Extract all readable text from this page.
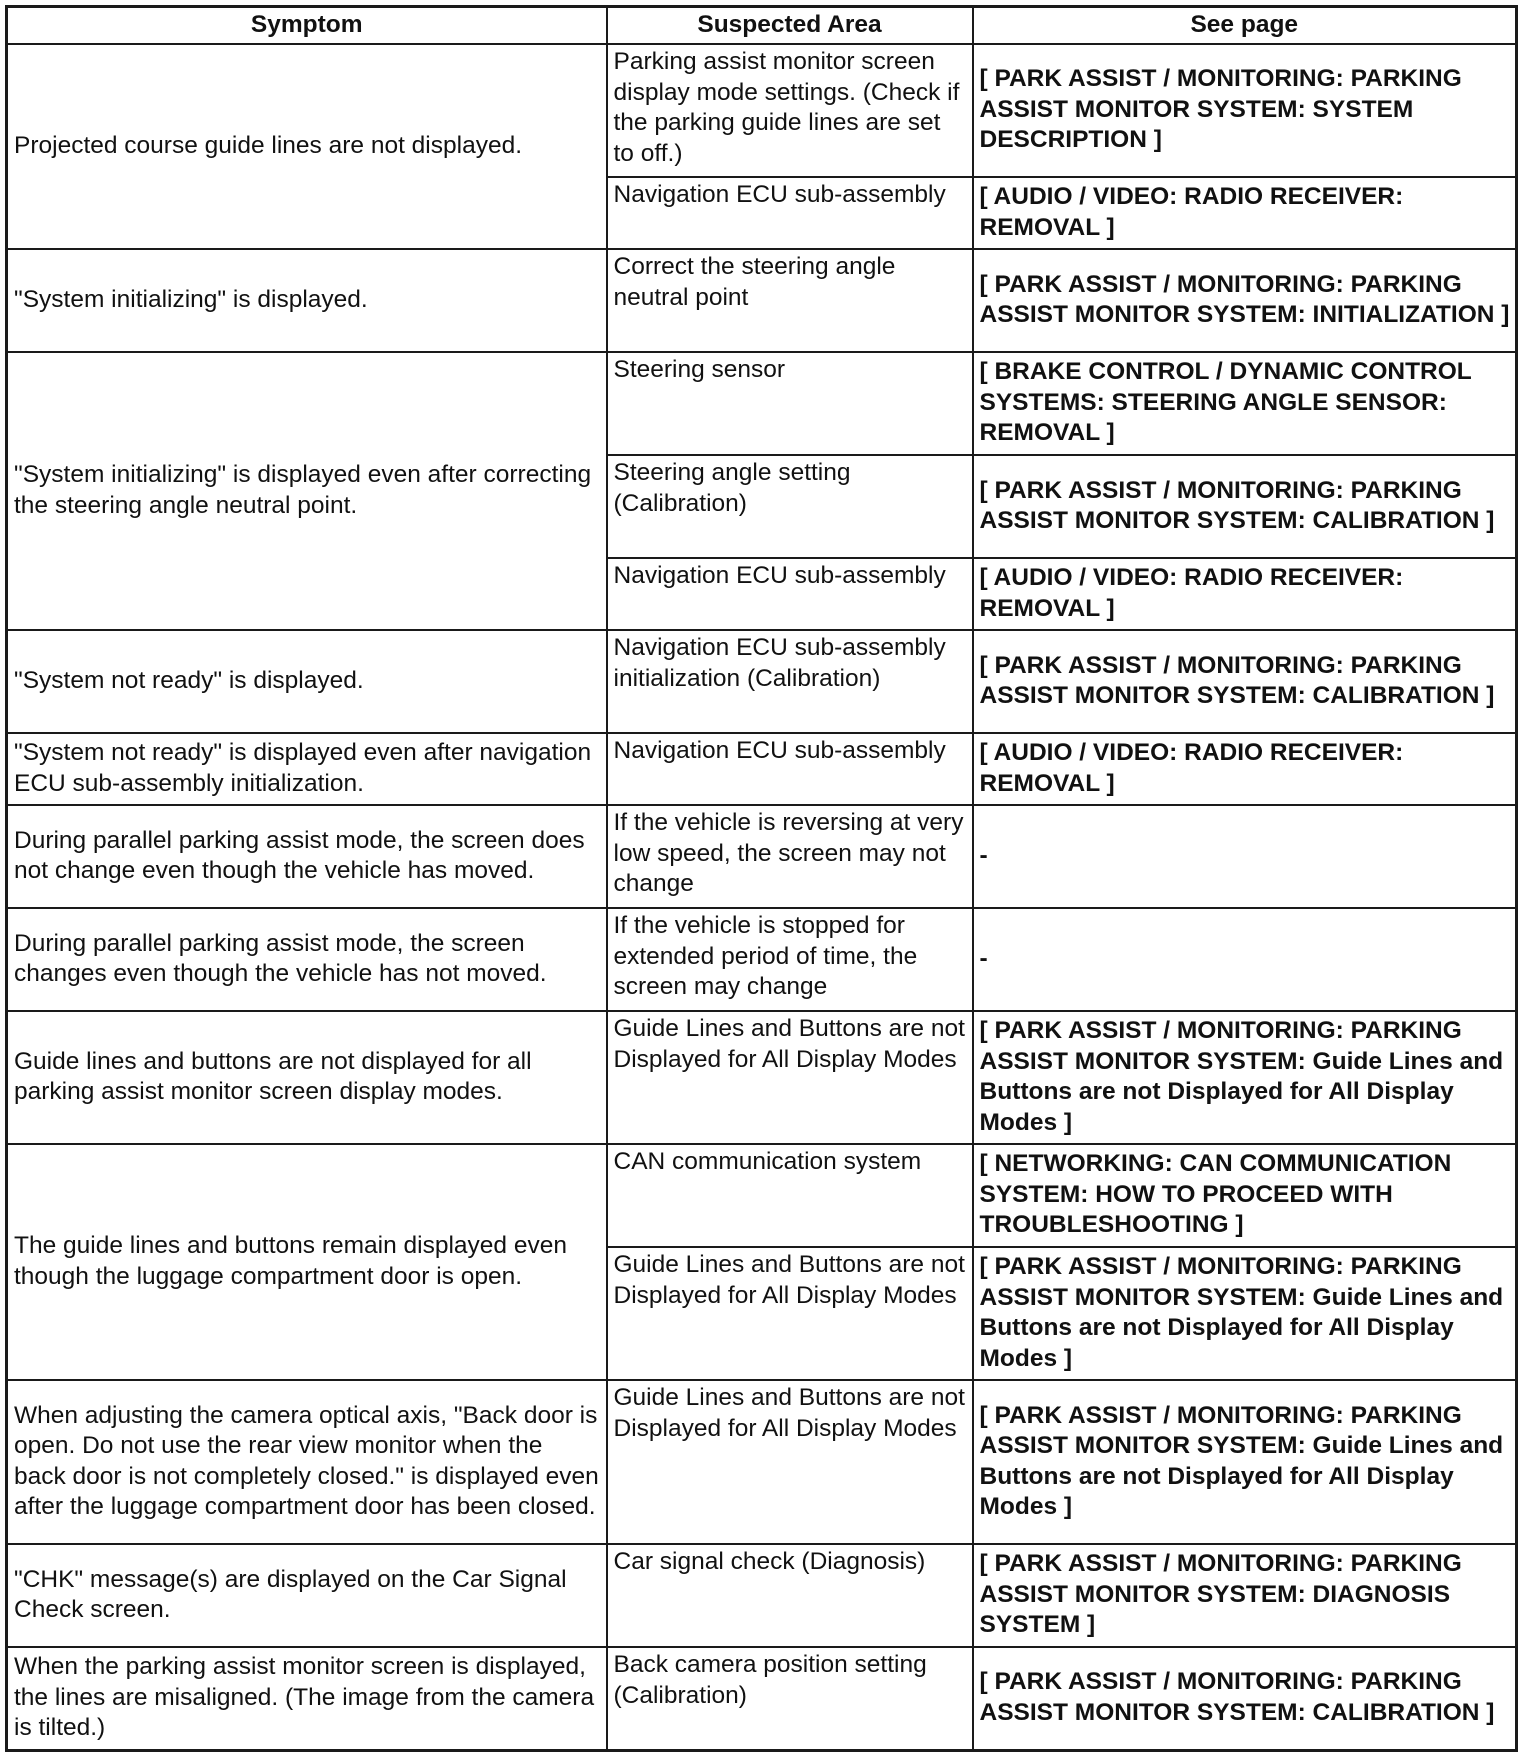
Symptom	Suspected Area	See page
Projected course guide lines are not displayed.	Parking assist monitor screen display mode settings. (Check if the parking guide lines are set to off.)	[ PARK ASSIST / MONITORING: PARKING ASSIST MONITOR SYSTEM: SYSTEM DESCRIPTION ]
	Navigation ECU sub-assembly	[ AUDIO / VIDEO: RADIO RECEIVER: REMOVAL ]
"System initializing" is displayed.	Correct the steering angle neutral point	[ PARK ASSIST / MONITORING: PARKING ASSIST MONITOR SYSTEM: INITIALIZATION ]
"System initializing" is displayed even after correcting the steering angle neutral point.	Steering sensor	[ BRAKE CONTROL / DYNAMIC CONTROL SYSTEMS: STEERING ANGLE SENSOR: REMOVAL ]
	Steering angle setting (Calibration)	[ PARK ASSIST / MONITORING: PARKING ASSIST MONITOR SYSTEM: CALIBRATION ]
	Navigation ECU sub-assembly	[ AUDIO / VIDEO: RADIO RECEIVER: REMOVAL ]
"System not ready" is displayed.	Navigation ECU sub-assembly initialization (Calibration)	[ PARK ASSIST / MONITORING: PARKING ASSIST MONITOR SYSTEM: CALIBRATION ]
"System not ready" is displayed even after navigation ECU sub-assembly initialization.	Navigation ECU sub-assembly	[ AUDIO / VIDEO: RADIO RECEIVER: REMOVAL ]
During parallel parking assist mode, the screen does not change even though the vehicle has moved.	If the vehicle is reversing at very low speed, the screen may not change	-
During parallel parking assist mode, the screen changes even though the vehicle has not moved.	If the vehicle is stopped for extended period of time, the screen may change	-
Guide lines and buttons are not displayed for all parking assist monitor screen display modes.	Guide Lines and Buttons are not Displayed for All Display Modes	[ PARK ASSIST / MONITORING: PARKING ASSIST MONITOR SYSTEM: Guide Lines and Buttons are not Displayed for All Display Modes ]
The guide lines and buttons remain displayed even though the luggage compartment door is open.	CAN communication system	[ NETWORKING: CAN COMMUNICATION SYSTEM: HOW TO PROCEED WITH TROUBLESHOOTING ]
	Guide Lines and Buttons are not Displayed for All Display Modes	[ PARK ASSIST / MONITORING: PARKING ASSIST MONITOR SYSTEM: Guide Lines and Buttons are not Displayed for All Display Modes ]
When adjusting the camera optical axis, "Back door is open. Do not use the rear view monitor when the back door is not completely closed." is displayed even after the luggage compartment door has been closed.	Guide Lines and Buttons are not Displayed for All Display Modes	[ PARK ASSIST / MONITORING: PARKING ASSIST MONITOR SYSTEM: Guide Lines and Buttons are not Displayed for All Display Modes ]
"CHK" message(s) are displayed on the Car Signal Check screen.	Car signal check (Diagnosis)	[ PARK ASSIST / MONITORING: PARKING ASSIST MONITOR SYSTEM: DIAGNOSIS SYSTEM ]
When the parking assist monitor screen is displayed, the lines are misaligned. (The image from the camera is tilted.)	Back camera position setting (Calibration)	[ PARK ASSIST / MONITORING: PARKING ASSIST MONITOR SYSTEM: CALIBRATION ]
